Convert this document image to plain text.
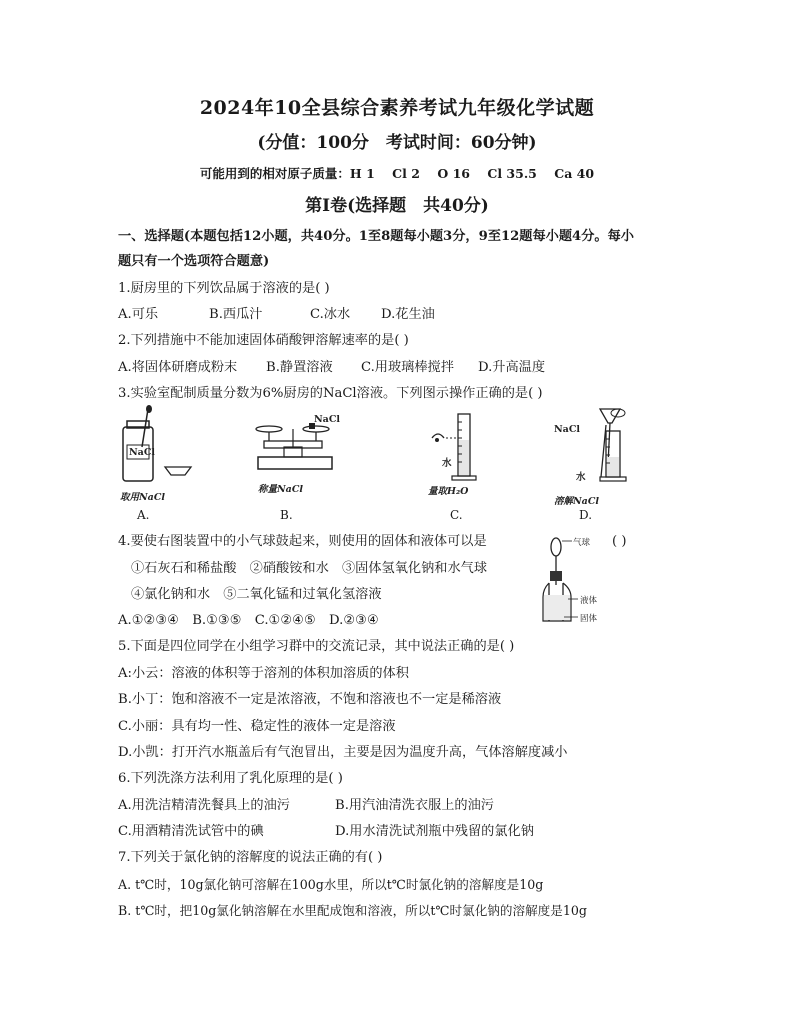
2024年10全县综合素养考试九年级化学试题
(分值：100分　考试时间：60分钟)
可能用到的相对原子质量：H 1    Cl 2    O 16    Cl 35.5    Ca 40
第Ⅰ卷(选择题　共40分)
一、选择题(本题包括12小题，共40分。1至8题每小题3分，9至12题每小题4分。每小
题只有一个选项符合题意)
1.厨房里的下列饮品属于溶液的是( )
A.可乐	B.西瓜汁	C.冰水 D.花生油
2.下列措施中不能加速固体硝酸钾溶解速率的是( )
A.将固体研磨成粉末 B.静置溶液 C.用玻璃棒搅拌 D.升高温度
3.实验室配制质量分数为6%厨房的NaCl溶液。下列图示操作正确的是( )
NaCl
取用NaCl
A.
NaCl
称量NaCl
B.
水
量取H₂O
C.
NaCl
水
溶解NaCl
D.
4.要使右图装置中的小气球鼓起来，则使用的固体和液体可以是	( )
①石灰石和稀盐酸　②硝酸铵和水　③固体氢氧化钠和水气球
④氯化钠和水　⑤二氧化锰和过氧化氢溶液
A.①②③④　B.①③⑤　C.①②④⑤　D.②③④
气球
液体
固体
5.下面是四位同学在小组学习群中的交流记录，其中说法正确的是( )
A:小云：溶液的体积等于溶剂的体积加溶质的体积
B.小丁：饱和溶液不一定是浓溶液，不饱和溶液也不一定是稀溶液
C.小丽：具有均一性、稳定性的液体一定是溶液
D.小凯：打开汽水瓶盖后有气泡冒出，主要是因为温度升高，气体溶解度减小
6.下列洗涤方法利用了乳化原理的是( )
A.用洗洁精清洗餐具上的油污	B.用汽油清洗衣服上的油污
C.用酒精清洗试管中的碘	D.用水清洗试剂瓶中残留的氯化钠
7.下列关于氯化钠的溶解度的说法正确的有( )
A. t℃时，10g氯化钠可溶解在100g水里，所以t℃时氯化钠的溶解度是10g
B. t℃时，把10g氯化钠溶解在水里配成饱和溶液，所以t℃时氯化钠的溶解度是10g
